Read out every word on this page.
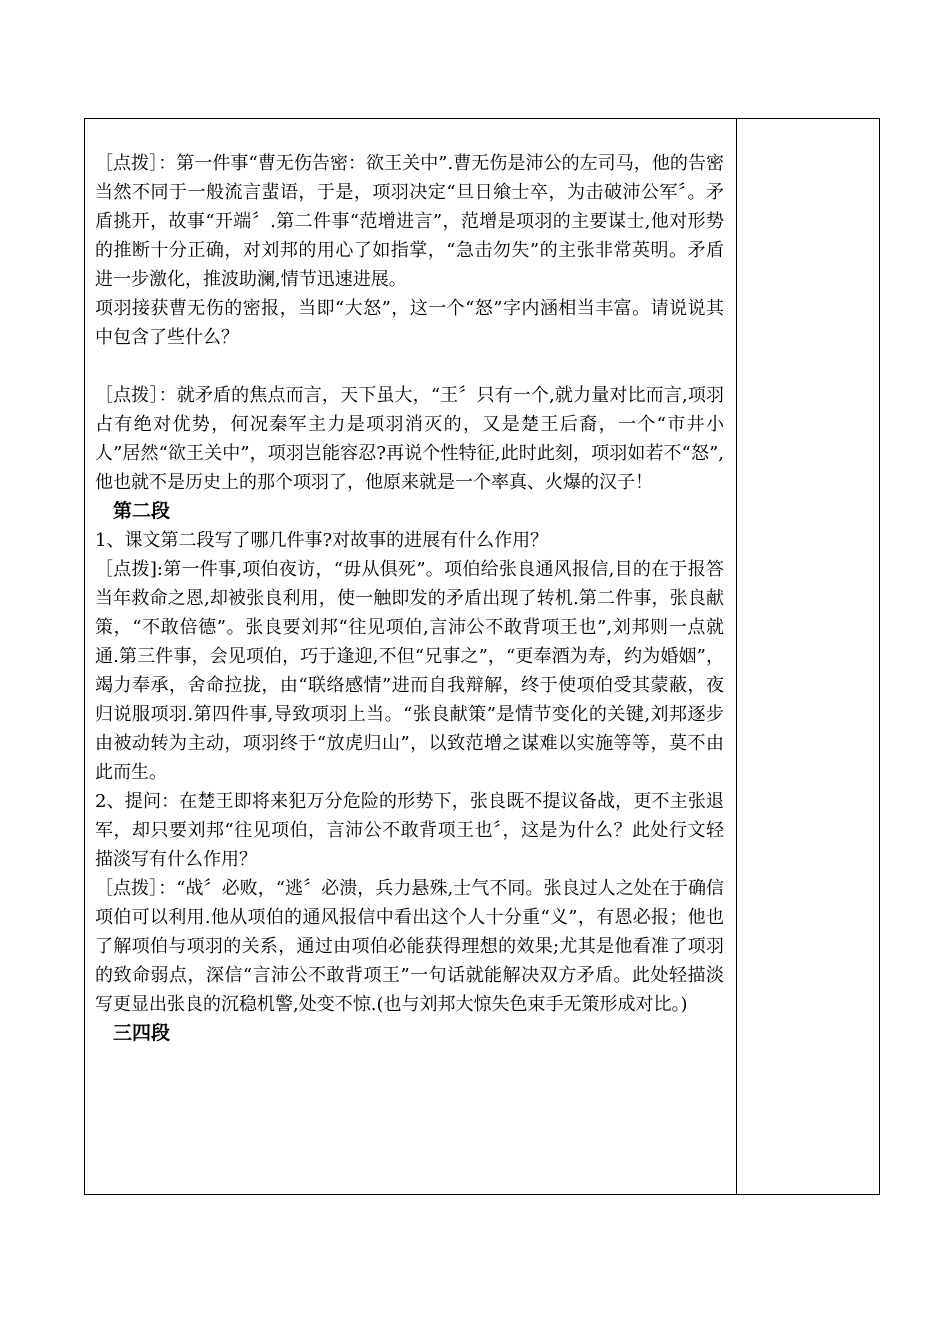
［点拨］：第一件事“曹无伤告密：欲王关中”.曹无伤是沛公的左司马，他的告密当然不同于一般流言蜚语，于是，项羽决定“旦日飨士卒，为击破沛公军〞。矛盾挑开，故事“开端〞.第二件事“范增进言”，范增是项羽的主要谋士,他对形势的推断十分正确，对刘邦的用心了如指掌，“急击勿失”的主张非常英明。矛盾进一步激化，推波助澜,情节迅速进展。

项羽接获曹无伤的密报，当即“大怒”，这一个“怒”字内涵相当丰富。请说说其中包含了些什么？

［点拨］：就矛盾的焦点而言，天下虽大，“王〞只有一个,就力量对比而言,项羽占有绝对优势，何况秦军主力是项羽消灭的，又是楚王后裔，一个“市井小人”居然“欲王关中”，项羽岂能容忍?再说个性特征,此时此刻，项羽如若不“怒”,他也就不是历史上的那个项羽了，他原来就是一个率真、火爆的汉子！

第二段

1、课文第二段写了哪几件事?对故事的进展有什么作用？

［点拨]:第一件事,项伯夜访，“毋从俱死”。项伯给张良通风报信,目的在于报答当年救命之恩,却被张良利用，使一触即发的矛盾出现了转机.第二件事，张良献策，“不敢倍德”。张良要刘邦“往见项伯,言沛公不敢背项王也”,刘邦则一点就通.第三件事，会见项伯，巧于逢迎,不但“兄事之”，“更奉酒为寿，约为婚姻”，竭力奉承，舍命拉拢，由“联络感情”进而自我辩解，终于使项伯受其蒙蔽，夜归说服项羽.第四件事,导致项羽上当。“张良献策”是情节变化的关键,刘邦逐步由被动转为主动，项羽终于“放虎归山”，以致范增之谋难以实施等等，莫不由此而生。

2、提问：在楚王即将来犯万分危险的形势下，张良既不提议备战，更不主张退军，却只要刘邦“往见项伯，言沛公不敢背项王也〞，这是为什么？此处行文轻描淡写有什么作用？

［点拨］：“战〞必败，“逃〞必溃，兵力悬殊,士气不同。张良过人之处在于确信项伯可以利用.他从项伯的通风报信中看出这个人十分重“义”，有恩必报；他也了解项伯与项羽的关系，通过由项伯必能获得理想的效果;尤其是他看准了项羽的致命弱点，深信“言沛公不敢背项王”一句话就能解决双方矛盾。此处轻描淡写更显出张良的沉稳机警,处变不惊.(也与刘邦大惊失色束手无策形成对比。)

三四段
